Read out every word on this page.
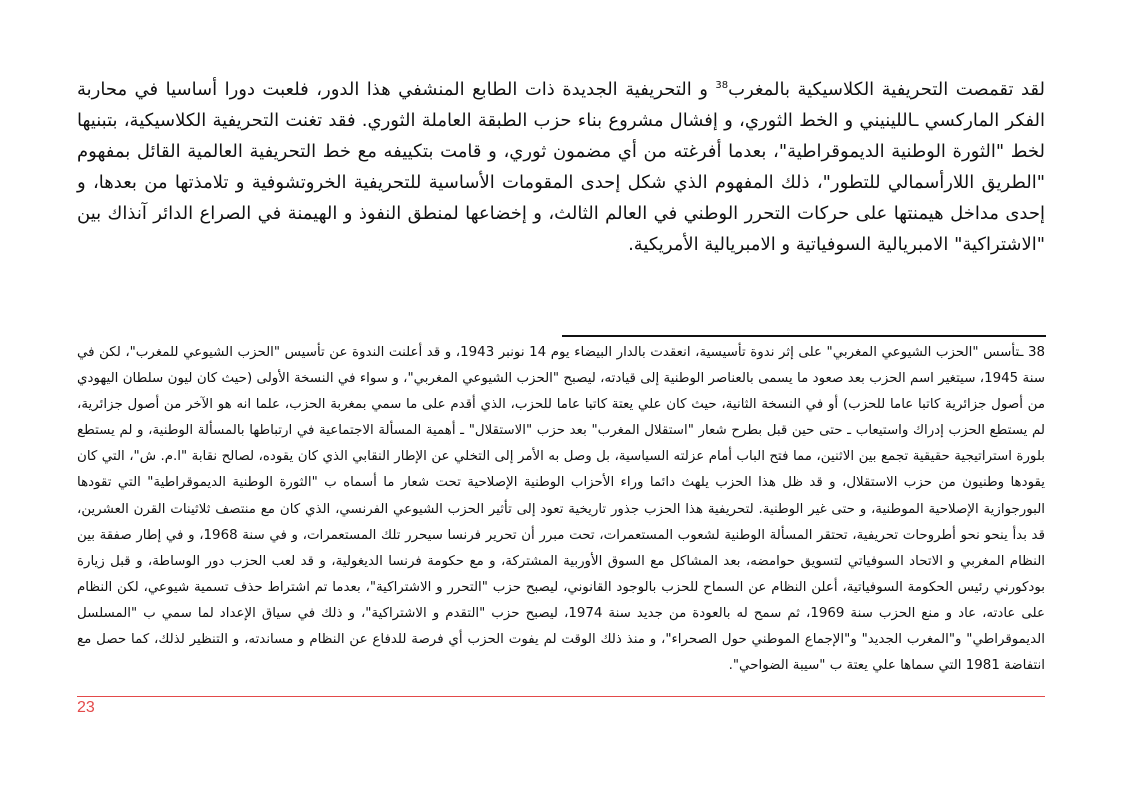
لقد تقمصت التحريفية الكلاسيكية بالمغرب$^{38}$ و التحريفية الجديدة ذات الطابع المنشفي هذا الدور، فلعبت دورا أساسيا في محاربة الفكر الماركسي ـاللينيني و الخط الثوري، و إفشال مشروع بناء حزب الطبقة العاملة الثوري. فقد تغنت التحريفية الكلاسيكية، بتبنيها لخط "الثورة الوطنية الديموقراطية"، بعدما أفرغته من أي مضمون ثوري، و قامت بتكييفه مع خط التحريفية العالمية القائل بمفهوم "الطريق اللارأسمالي للتطور"، ذلك المفهوم الذي شكل إحدى المقومات الأساسية للتحريفية الخروتشوفية و تلامذتها من بعدها، و إحدى مداخل هيمنتها على حركات التحرر الوطني في العالم الثالث، و إخضاعها لمنطق النفوذ و الهيمنة في الصراع الدائر آنذاك بين "الاشتراكية" الامبريالية السوفياتية و الامبريالية الأمريكية.

38 ـتأسس "الحزب الشيوعي المغربي" على إثر ندوة تأسيسية، انعقدت بالدار البيضاء يوم 14 نونبر 1943، و قد أعلنت الندوة عن تأسيس "الحزب الشيوعي للمغرب"، لكن في سنة 1945، سيتغير اسم الحزب بعد صعود ما يسمى بالعناصر الوطنية إلى قيادته، ليصبح "الحزب الشيوعي المغربي"، و سواء في النسخة الأولى (حيث كان ليون سلطان اليهودي من أصول جزائرية كاتبا عاما للحزب) أو في النسخة الثانية، حيث كان علي يعتة كاتبا عاما للحزب، الذي أقدم على ما سمي بمغربة الحزب، علما انه هو الآخر من أصول جزائرية، لم يستطع الحزب إدراك واستيعاب ـ حتى حين قبل بطرح شعار "استقلال المغرب" بعد حزب "الاستقلال" ـ أهمية المسألة الاجتماعية في ارتباطها بالمسألة الوطنية، و لم يستطع بلورة استراتيجية حقيقية تجمع بين الاثنين، مما فتح الباب أمام عزلته السياسية، بل وصل به الأمر إلى التخلي عن الإطار النقابي الذي كان يقوده، لصالح نقابة "ا.م. ش"، التي كان يقودها وطنيون من حزب الاستقلال، و قد ظل هذا الحزب يلهث دائما وراء الأحزاب الوطنية الإصلاحية تحت شعار ما أسماه ب "الثورة الوطنية الديموقراطية" التي تقودها البورجوازية الإصلاحية الموطنية، و حتى غير الوطنية. لتحريفية هذا الحزب جذور تاريخية تعود إلى تأثير الحزب الشيوعي الفرنسي، الذي كان مع منتصف ثلاثينات القرن العشرين، قد بدأ ينحو نحو أطروحات تحريفية، تحتقر المسألة الوطنية لشعوب المستعمرات، تحت مبرر أن تحرير فرنسا سيحرر تلك المستعمرات، و في سنة 1968، و في إطار صفقة بين النظام المغربي و الاتحاد السوفياتي لتسويق حوامضه، بعد المشاكل مع السوق الأوربية المشتركة، و مع حكومة فرنسا الديغولية، و قد لعب الحزب دور الوساطة، و قبل زيارة بودكورني رئيس الحكومة السوفياتية، أعلن النظام عن السماح للحزب بالوجود القانوني، ليصبح حزب "التحرر و الاشتراكية"، بعدما تم اشتراط حذف تسمية شيوعي، لكن النظام على عادته، عاد و منع الحزب سنة 1969، ثم سمح له بالعودة من جديد سنة 1974، ليصبح حزب "التقدم و الاشتراكية"، و ذلك في سياق الإعداد لما سمي ب "المسلسل الديموقراطي" و"المغرب الجديد" و"الإجماع الموطني حول الصحراء"، و منذ ذلك الوقت لم يفوت الحزب أي فرصة للدفاع عن النظام و مساندته، و التنظير لذلك، كما حصل مع انتفاضة 1981 التي سماها علي يعتة ب "سيبة الضواحي".

23
